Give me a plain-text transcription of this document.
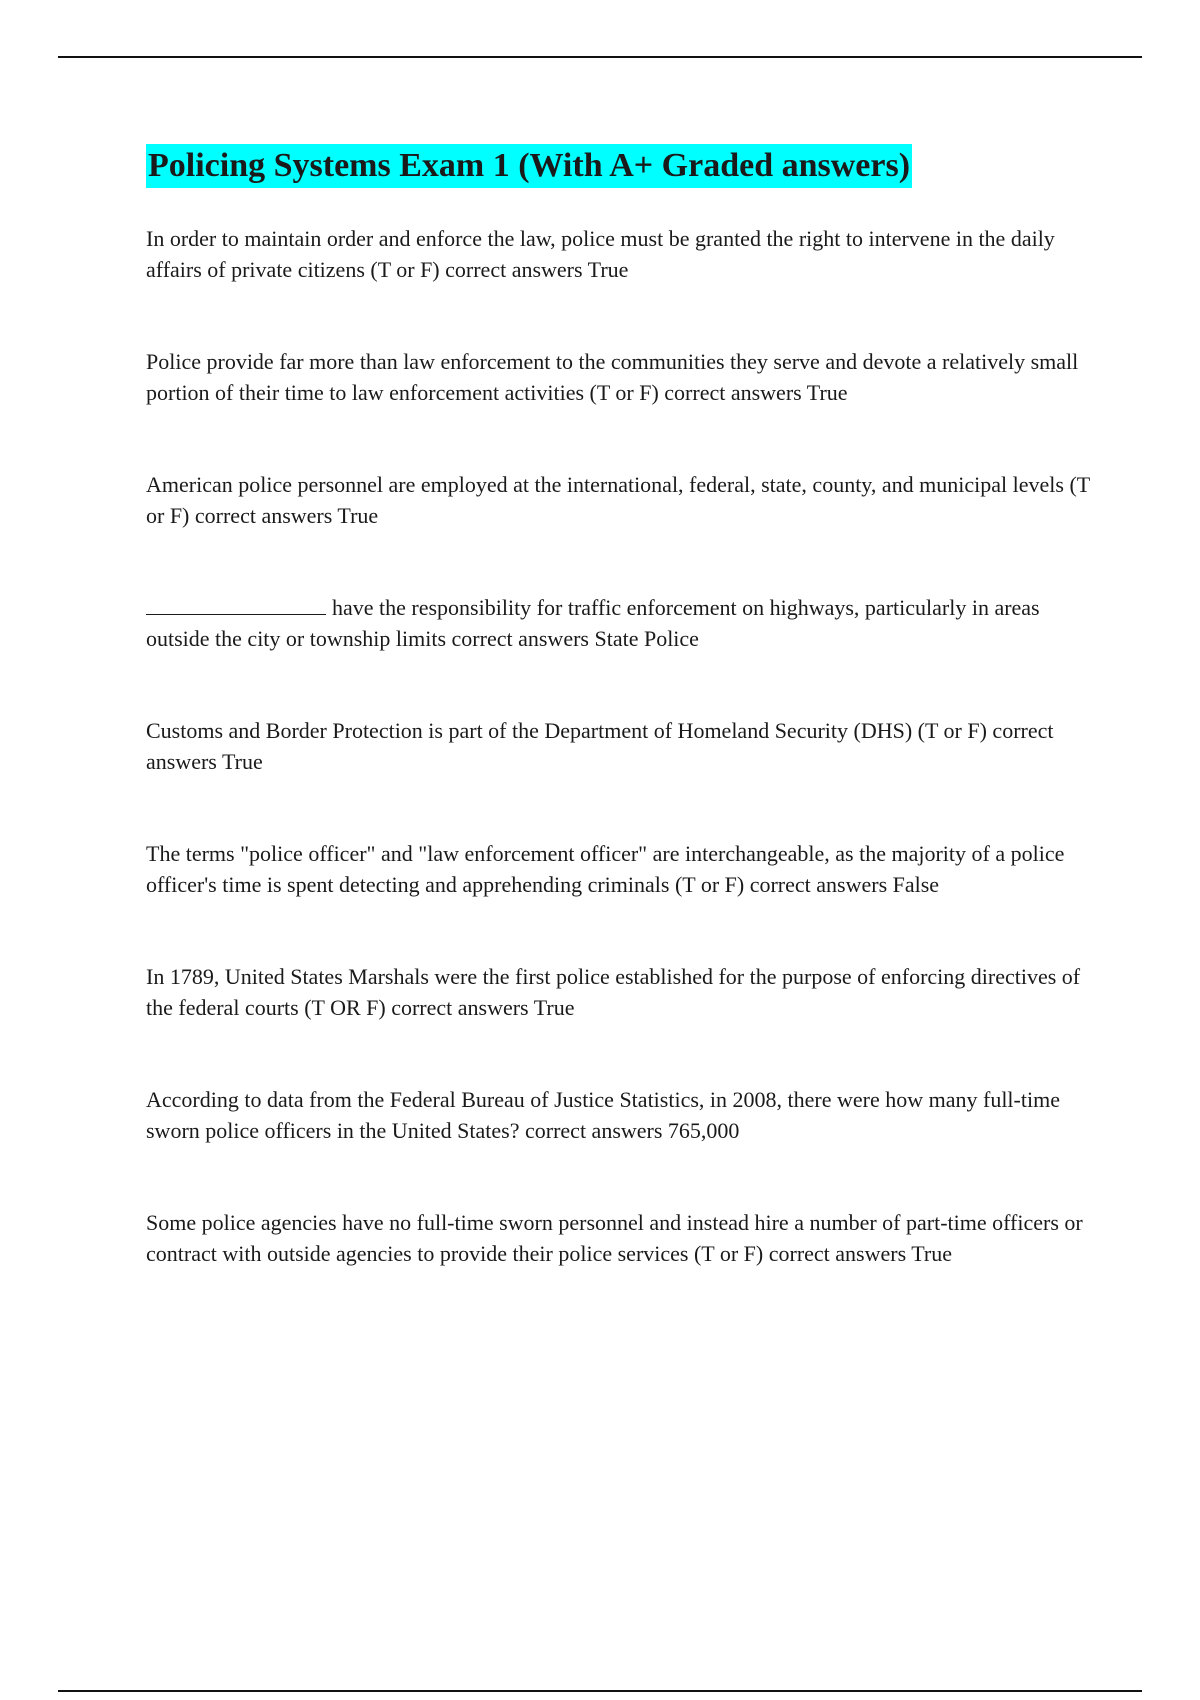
Policing Systems Exam 1 (With A+ Graded answers)

In order to maintain order and enforce the law, police must be granted the right to intervene in the daily affairs of private citizens (T or F) correct answers True

Police provide far more than law enforcement to the communities they serve and devote a relatively small portion of their time to law enforcement activities (T or F) correct answers True

American police personnel are employed at the international, federal, state, county, and municipal levels (T or F) correct answers True

have the responsibility for traffic enforcement on highways, particularly in areas outside the city or township limits correct answers State Police

Customs and Border Protection is part of the Department of Homeland Security (DHS) (T or F) correct answers True

The terms "police officer" and "law enforcement officer" are interchangeable, as the majority of a police officer's time is spent detecting and apprehending criminals (T or F) correct answers False

In 1789, United States Marshals were the first police established for the purpose of enforcing directives of the federal courts (T OR F) correct answers True

According to data from the Federal Bureau of Justice Statistics, in 2008, there were how many full-time sworn police officers in the United States? correct answers 765,000

Some police agencies have no full-time sworn personnel and instead hire a number of part-time officers or contract with outside agencies to provide their police services (T or F) correct answers True
